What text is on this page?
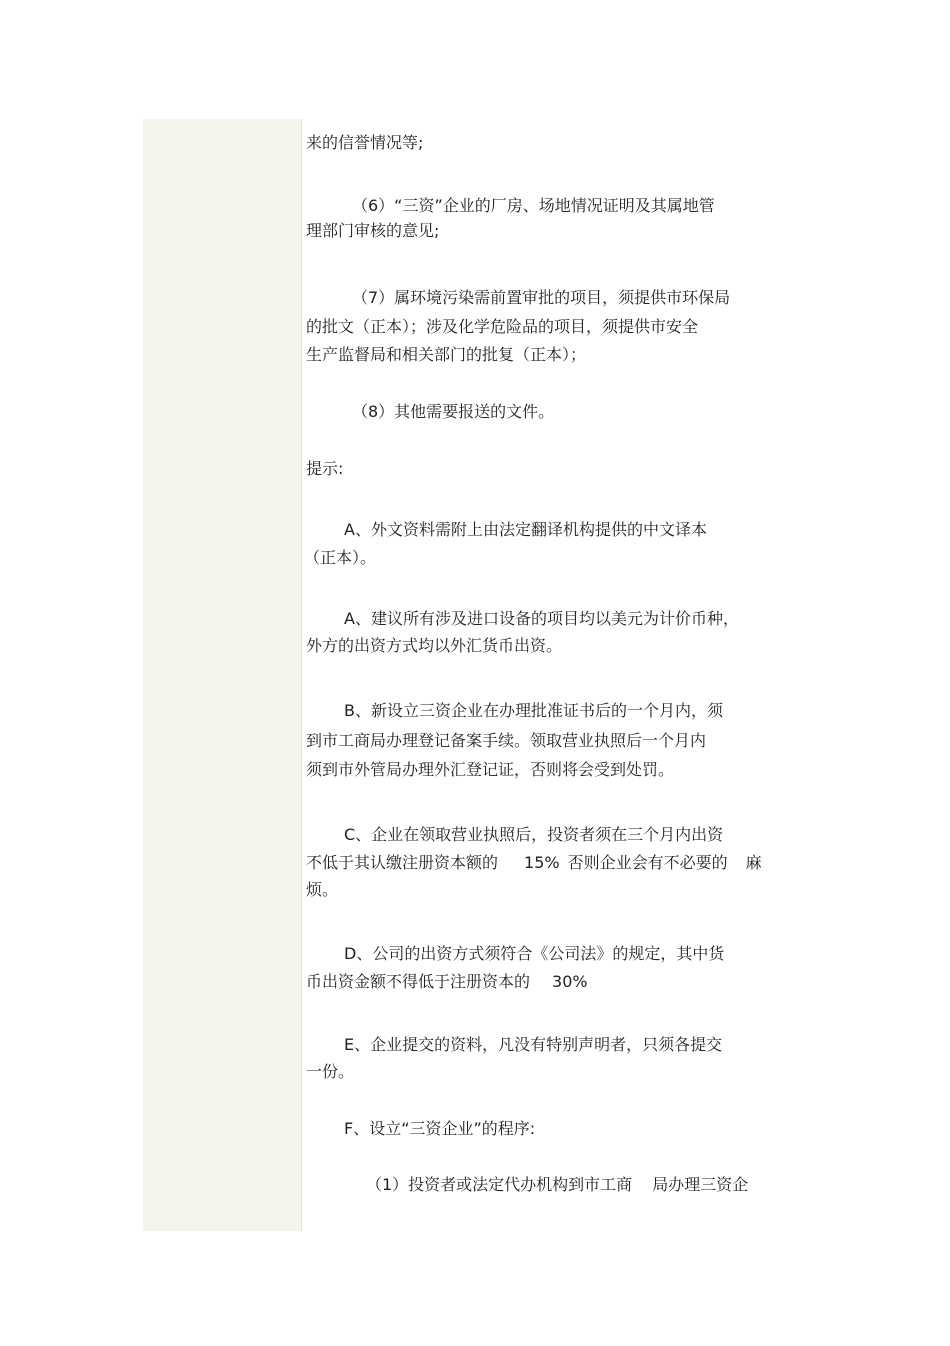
来的信誉情况等;
（6）“三资”企业的厂房、场地情况证明及其属地管
理部门审核的意见;
（7）属环境污染需前置审批的项目，须提供市环保局
的批文（正本）；涉及化学危险品的项目，须提供市安全
生产监督局和相关部门的批复（正本）；
（8）其他需要报送的文件。
提示:
A、外文资料需附上由法定翻译机构提供的中文译本
（正本）。
A、建议所有涉及进口设备的项目均以美元为计价币种，
外方的出资方式均以外汇货币出资。
B、新设立三资企业在办理批准证书后的一个月内，须
到市工商局办理登记备案手续。领取营业执照后一个月内
须到市外管局办理外汇登记证，否则将会受到处罚。
C、企业在领取营业执照后，投资者须在三个月内出资
不低于其认缴注册资本额的 15% 否则企业会有不必要的 麻
烦。
D、公司的出资方式须符合《公司法》的规定，其中货
币出资金额不得低于注册资本的 30%
E、企业提交的资料，凡没有特别声明者，只须各提交
一份。
F、设立“三资企业”的程序:
（1）投资者或法定代办机构到市工商 局办理三资企
